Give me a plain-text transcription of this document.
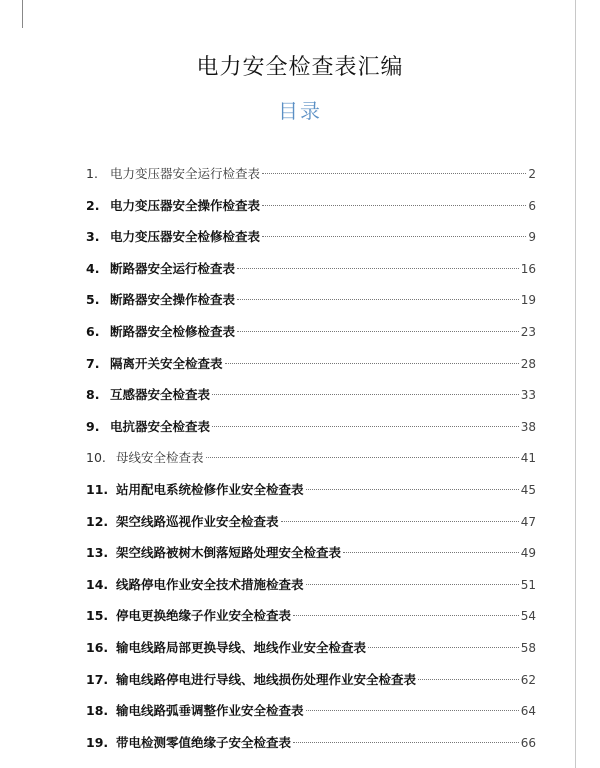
电力安全检查表汇编
目录
1. 电力变压器安全运行检查表	2
2. 电力变压器安全操作检查表	6
3. 电力变压器安全检修检查表	9
4. 断路器安全运行检查表	16
5. 断路器安全操作检查表	19
6. 断路器安全检修检查表	23
7. 隔离开关安全检查表	28
8. 互感器安全检查表	33
9. 电抗器安全检查表	38
10. 母线安全检查表	41
11. 站用配电系统检修作业安全检查表	45
12. 架空线路巡视作业安全检查表	47
13. 架空线路被树木倒落短路处理安全检查表	49
14. 线路停电作业安全技术措施检查表	51
15. 停电更换绝缘子作业安全检查表	54
16. 输电线路局部更换导线、地线作业安全检查表	58
17. 输电线路停电进行导线、地线损伤处理作业安全检查表	62
18. 输电线路弧垂调整作业安全检查表	64
19. 带电检测零值绝缘子安全检查表	66
